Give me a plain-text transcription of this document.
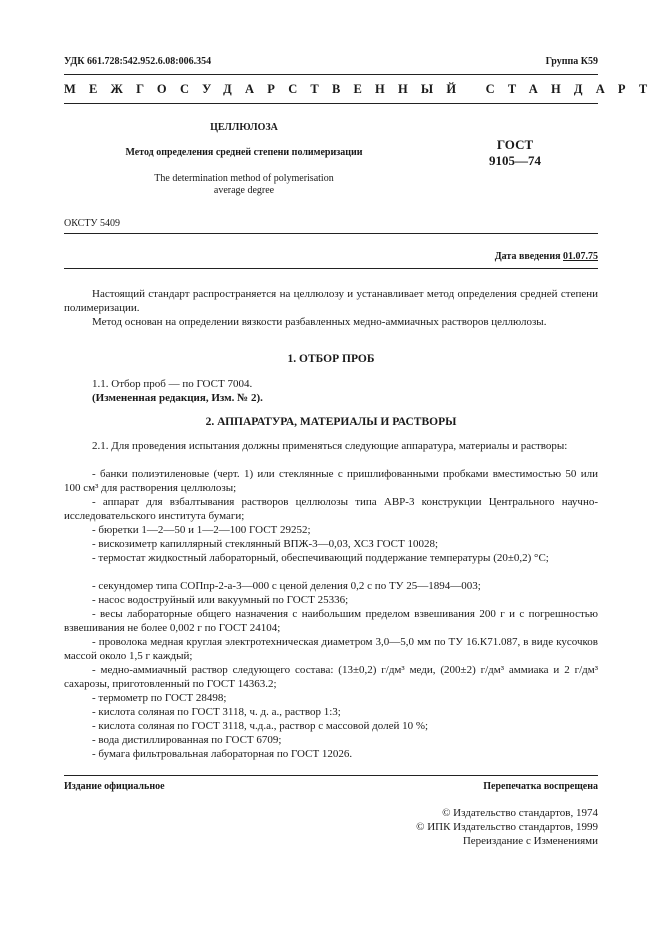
УДК 661.728:542.952.6.08:006.354	Группа К59
МЕЖГОСУДАРСТВЕННЫЙ СТАНДАРТ
ЦЕЛЛЮЛОЗА
Метод определения средней степени полимеризации
The determination method of polymerisation
average degree
ГОСТ
9105—74
ОКСТУ 5409
Дата введения 01.07.75
Настоящий стандарт распространяется на целлюлозу и устанавливает метод определения средней степени полимеризации.
Метод основан на определении вязкости разбавленных медно-аммиачных растворов целлюлозы.
1. ОТБОР ПРОБ
1.1. Отбор проб — по ГОСТ 7004.
(Измененная редакция, Изм. № 2).
2. АППАРАТУРА, МАТЕРИАЛЫ И РАСТВОРЫ
2.1. Для проведения испытания должны применяться следующие аппаратура, материалы и растворы:
- банки полиэтиленовые (черт. 1) или стеклянные с пришлифованными пробками вместимостью 50 или 100 см³ для растворения целлюлозы;
- аппарат для взбалтывания растворов целлюлозы типа АВР-3 конструкции Центрального научно-исследовательского института бумаги;
- бюретки 1—2—50 и 1—2—100 ГОСТ 29252;
- вискозиметр капиллярный стеклянный ВПЖ-3—0,03, ХСЗ ГОСТ 10028;
- термостат жидкостный лабораторный, обеспечивающий поддержание температуры (20±0,2) °С;
- секундомер типа СОПпр-2-а-3—000 с ценой деления 0,2 с по ТУ 25—1894—003;
- насос водоструйный или вакуумный по ГОСТ 25336;
- весы лабораторные общего назначения с наибольшим пределом взвешивания 200 г и с погрешностью взвешивания не более 0,002 г по ГОСТ 24104;
- проволока медная круглая электротехническая диаметром 3,0—5,0 мм по ТУ 16.К71.087, в виде кусочков массой около 1,5 г каждый;
- медно-аммиачный раствор следующего состава: (13±0,2) г/дм³ меди, (200±2) г/дм³ аммиака и 2 г/дм³ сахарозы, приготовленный по ГОСТ 14363.2;
- термометр по ГОСТ 28498;
- кислота соляная по ГОСТ 3118, ч. д. а., раствор 1:3;
- кислота соляная по ГОСТ 3118, ч.д.а., раствор с массовой долей 10 %;
- вода дистиллированная по ГОСТ 6709;
- бумага фильтровальная лабораторная по ГОСТ 12026.
Издание официальное	Перепечатка воспрещена
© Издательство стандартов, 1974
© ИПК Издательство стандартов, 1999
Переиздание с Изменениями
